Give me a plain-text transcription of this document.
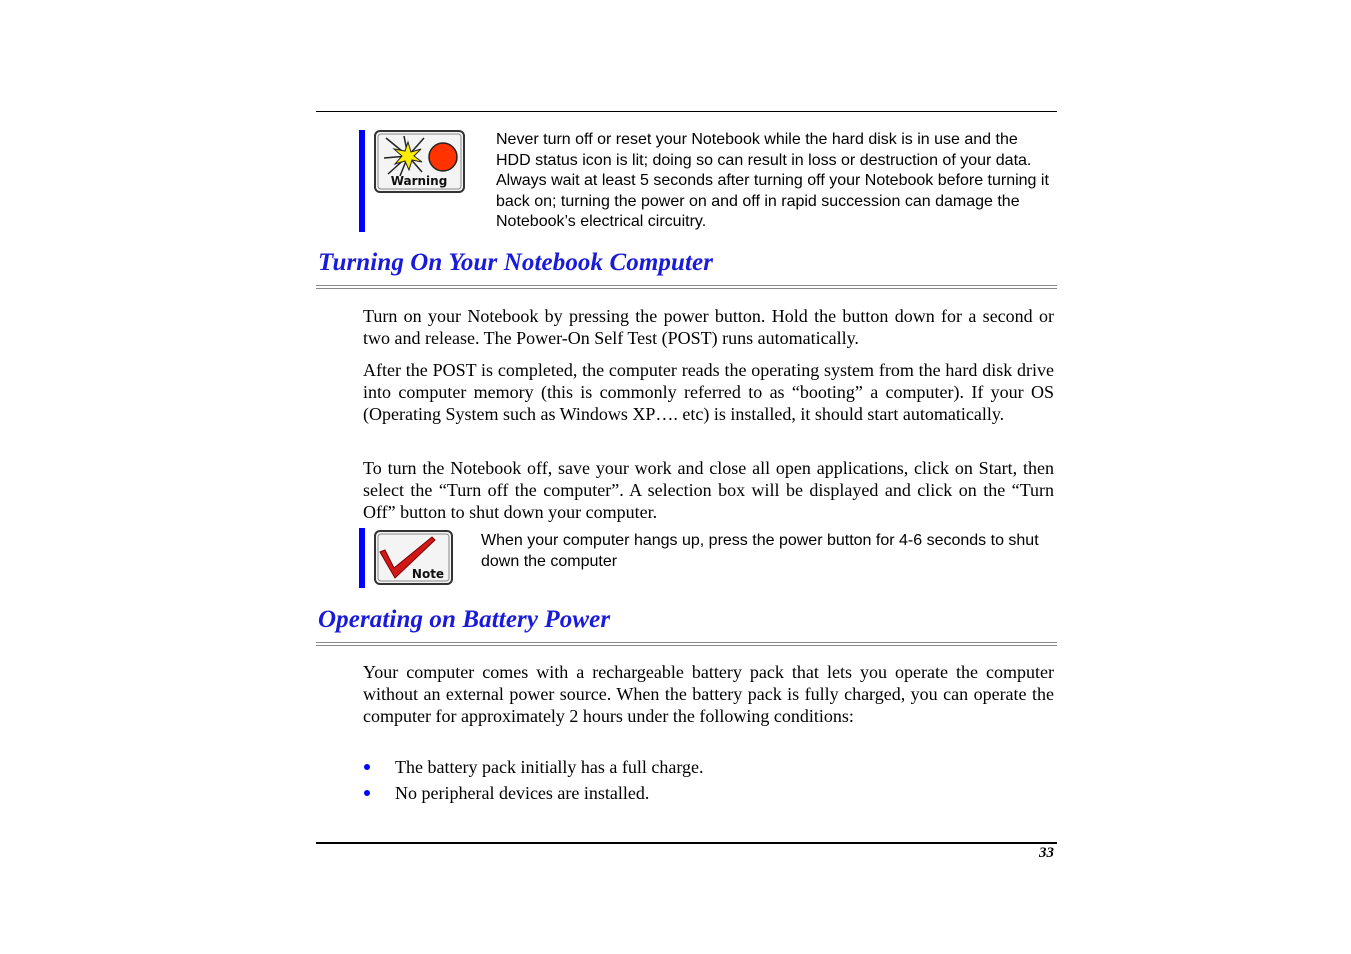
Warning
Never turn off or reset your Notebook while the hard disk is in use and the HDD status icon is lit; doing so can result in loss or destruction of your data. Always wait at least 5 seconds after turning off your Notebook before turning it back on; turning the power on and off in rapid succession can damage the Notebook’s electrical circuitry.
Turning On Your Notebook Computer

Turn on your Notebook by pressing the power button. Hold the button down for a second or two and release. The Power-On Self Test (POST) runs automatically.

After the POST is completed, the computer reads the operating system from the hard disk drive into computer memory (this is commonly referred to as “booting” a computer). If your OS (Operating System such as Windows XP…. etc) is installed, it should start automatically.

To turn the Notebook off, save your work and close all open applications, click on Start, then select the “Turn off the computer”. A selection box will be displayed and click on the “Turn Off” button to shut down your computer.

Note
When your computer hangs up, press the power button for 4-6 seconds to shut down the computer
Operating on Battery Power

Your computer comes with a rechargeable battery pack that lets you operate the computer without an external power source. When the battery pack is fully charged, you can operate the computer for approximately 2 hours under the following conditions:

The battery pack initially has a full charge.
No peripheral devices are installed.
33
